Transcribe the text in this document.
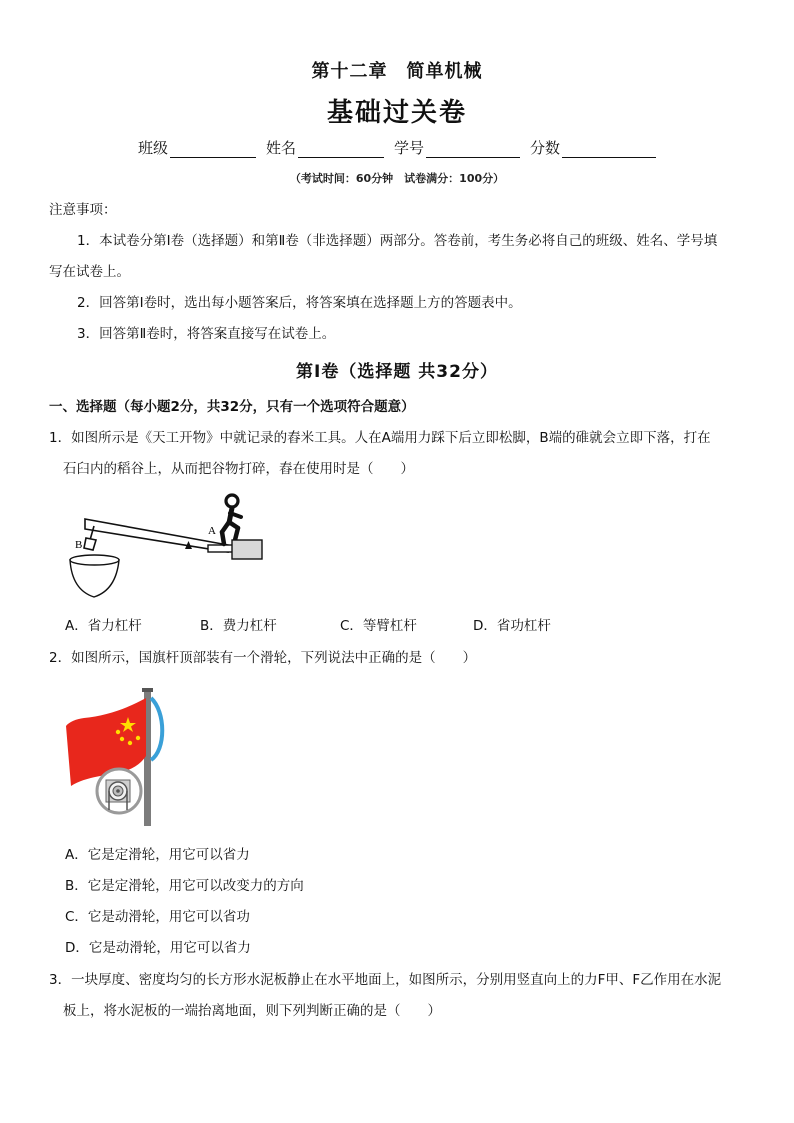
第十二章　简单机械
基础过关卷
班级	姓名	学号	分数
（考试时间：60分钟　试卷满分：100分）
注意事项：
1．本试卷分第Ⅰ卷（选择题）和第Ⅱ卷（非选择题）两部分。答卷前，考生务必将自己的班级、姓名、学号填
写在试卷上。
2．回答第Ⅰ卷时，选出每小题答案后，将答案填在选择题上方的答题表中。
3．回答第Ⅱ卷时，将答案直接写在试卷上。
第Ⅰ卷（选择题 共32分）
一、选择题（每小题2分，共32分，只有一个选项符合题意）
1．如图所示是《天工开物》中就记录的舂米工具。人在A端用力踩下后立即松脚，B端的碓就会立即下落，打在
石臼内的稻谷上，从而把谷物打碎，舂在使用时是（　　）
B
A
A．省力杠杆	B．费力杠杆	C．等臂杠杆	D．省功杠杆
2．如图所示，国旗杆顶部装有一个滑轮，下列说法中正确的是（　　）
A．它是定滑轮，用它可以省力
B．它是定滑轮，用它可以改变力的方向
C．它是动滑轮，用它可以省功
D．它是动滑轮，用它可以省力
3．一块厚度、密度均匀的长方形水泥板静止在水平地面上，如图所示，分别用竖直向上的力F甲、F乙作用在水泥
板上，将水泥板的一端抬离地面，则下列判断正确的是（　　）
